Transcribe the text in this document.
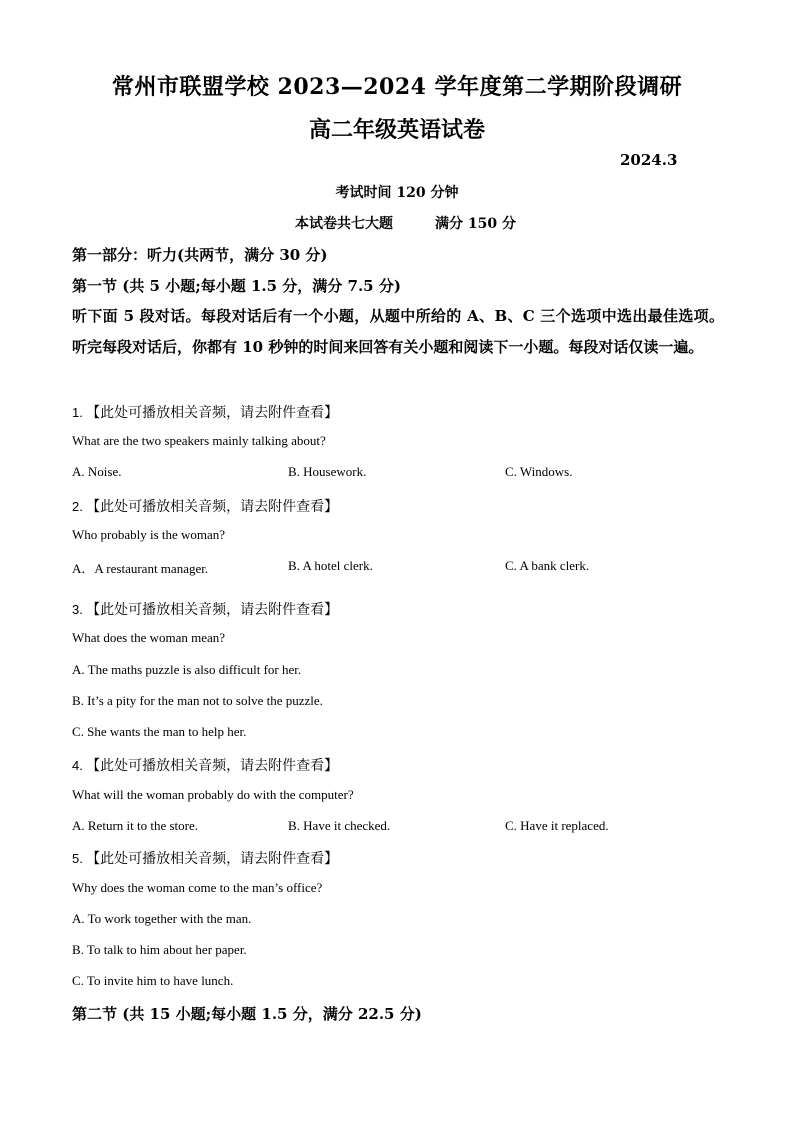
常州市联盟学校 2023—2024 学年度第二学期阶段调研
高二年级英语试卷
2024.3
考试时间 120 分钟
本试卷共七大题	满分 150 分
第一部分：听力(共两节，满分 30 分)
第一节 (共 5 小题;每小题 1.5 分，满分 7.5 分)
听下面 5 段对话。每段对话后有一个小题，从题中所给的 A、B、C 三个选项中选出最佳选项。听完每段对话后，你都有 10 秒钟的时间来回答有关小题和阅读下一小题。每段对话仅读一遍。
1. 【此处可播放相关音频，请去附件查看】
What are the two speakers mainly talking about?
A. Noise.	B. Housework.	C. Windows.
2. 【此处可播放相关音频，请去附件查看】
Who probably is the woman?
A．A restaurant manager.	B. A hotel clerk.	C. A bank clerk.
3. 【此处可播放相关音频，请去附件查看】
What does the woman mean?
A. The maths puzzle is also difficult for her.
B. It’s a pity for the man not to solve the puzzle.
C. She wants the man to help her.
4. 【此处可播放相关音频，请去附件查看】
What will the woman probably do with the computer?
A. Return it to the store.	B. Have it checked.	C. Have it replaced.
5. 【此处可播放相关音频，请去附件查看】
Why does the woman come to the man’s office?
A. To work together with the man.
B. To talk to him about her paper.
C. To invite him to have lunch.
第二节 (共 15 小题;每小题 1.5 分，满分 22.5 分)
